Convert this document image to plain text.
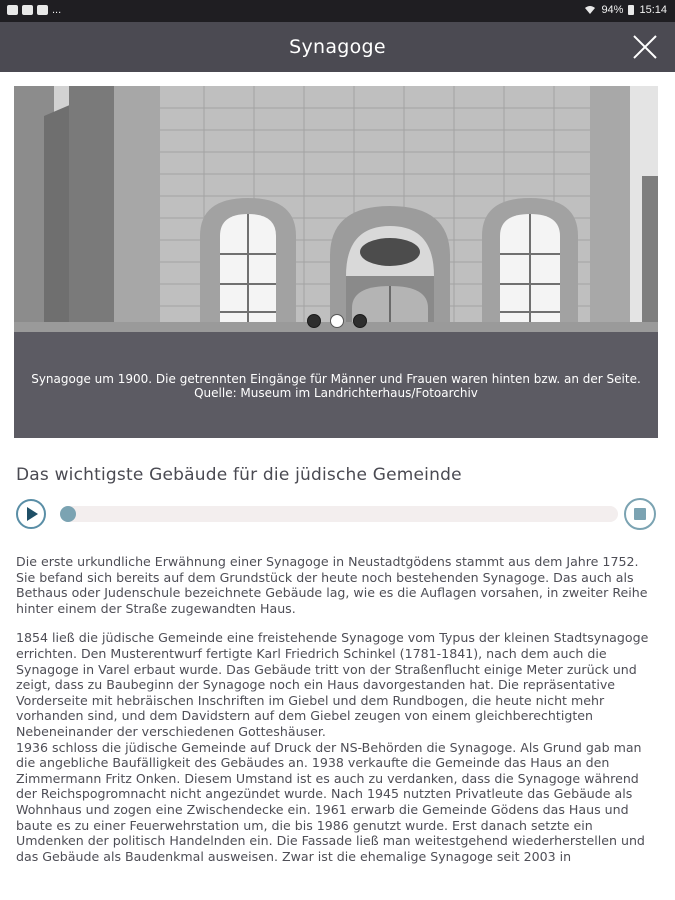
...	94% 15:14
Synagoge
Synagoge um 1900. Die getrennten Eingänge für Männer und Frauen waren hinten bzw. an der Seite. Quelle: Museum im Landrichterhaus/Fotoarchiv
Das wichtigste Gebäude für die jüdische Gemeinde

Die erste urkundliche Erwähnung einer Synagoge in Neustadtgödens stammt aus dem Jahre 1752. Sie befand sich bereits auf dem Grundstück der heute noch bestehenden Synagoge. Das auch als Bethaus oder Judenschule bezeichnete Gebäude lag, wie es die Auflagen vorsahen, in zweiter Reihe hinter einem der Straße zugewandten Haus.

1854 ließ die jüdische Gemeinde eine freistehende Synagoge vom Typus der kleinen Stadtsynagoge errichten. Den Musterentwurf fertigte Karl Friedrich Schinkel (1781-1841), nach dem auch die Synagoge in Varel erbaut wurde. Das Gebäude tritt von der Straßenflucht einige Meter zurück und zeigt, dass zu Baubeginn der Synagoge noch ein Haus davorgestanden hat. Die repräsentative Vorderseite mit hebräischen Inschriften im Giebel und dem Rundbogen, die heute nicht mehr vorhanden sind, und dem Davidstern auf dem Giebel zeugen von einem gleichberechtigten Nebeneinander der verschiedenen Gotteshäuser.

1936 schloss die jüdische Gemeinde auf Druck der NS-Behörden die Synagoge. Als Grund gab man die angebliche Baufälligkeit des Gebäudes an. 1938 verkaufte die Gemeinde das Haus an den Zimmermann Fritz Onken. Diesem Umstand ist es auch zu verdanken, dass die Synagoge während der Reichspogromnacht nicht angezündet wurde. Nach 1945 nutzten Privatleute das Gebäude als Wohnhaus und zogen eine Zwischendecke ein. 1961 erwarb die Gemeinde Gödens das Haus und baute es zu einer Feuerwehrstation um, die bis 1986 genutzt wurde. Erst danach setzte ein Umdenken der politisch Handelnden ein. Die Fassade ließ man weitestgehend wiederherstellen und das Gebäude als Baudenkmal ausweisen. Zwar ist die ehemalige Synagoge seit 2003 in
